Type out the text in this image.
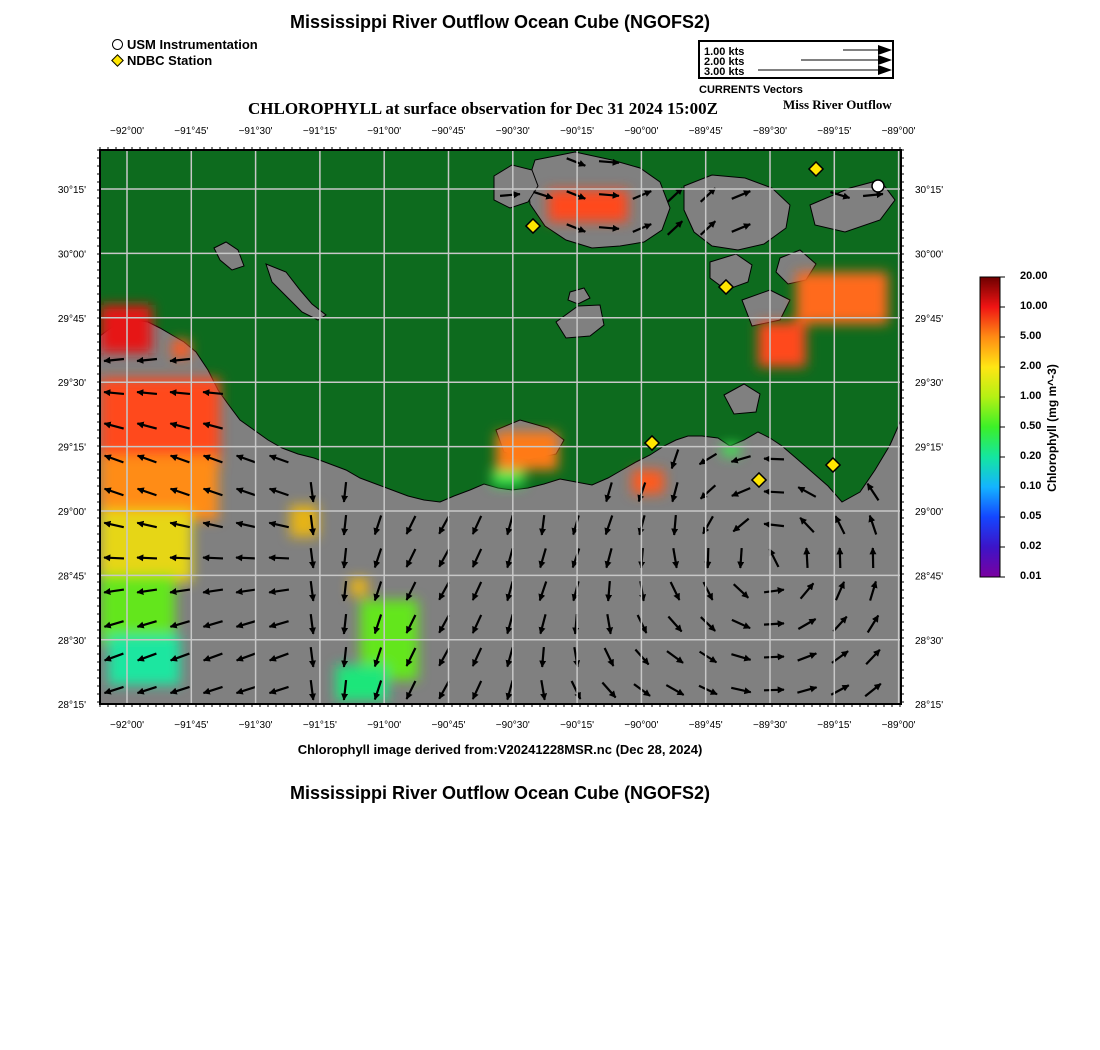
Mississippi River Outflow Ocean Cube (NGOFS2)
USM Instrumentation
NDBC Station
1.00 kts
2.00 kts
3.00 kts
CURRENTS Vectors
CHLOROPHYLL at surface observation for Dec 31 2024 15:00Z	Miss River Outflow
−92°00'	−91°45'	−91°30'	−91°15'	−91°00'	−90°45'	−90°30'	−90°15'	−90°00'	−89°45'	−89°30'	−89°15'	−89°00'
−92°00'	−91°45'	−91°30'	−91°15'	−91°00'	−90°45'	−90°30'	−90°15'	−90°00'	−89°45'	−89°30'	−89°15'	−89°00'
30°15'
30°00'
29°45'
29°30'
29°15'
29°00'
28°45'
28°30'
28°15'
30°15'
30°00'
29°45'
29°30'
29°15'
29°00'
28°45'
28°30'
28°15'
20.00
10.00
5.00
2.00
1.00
0.50
0.20
0.10
0.05
0.02
0.01
Chlorophyll (mg m^-3)
Chlorophyll image derived from:V20241228MSR.nc (Dec 28, 2024)
Mississippi River Outflow Ocean Cube (NGOFS2)
